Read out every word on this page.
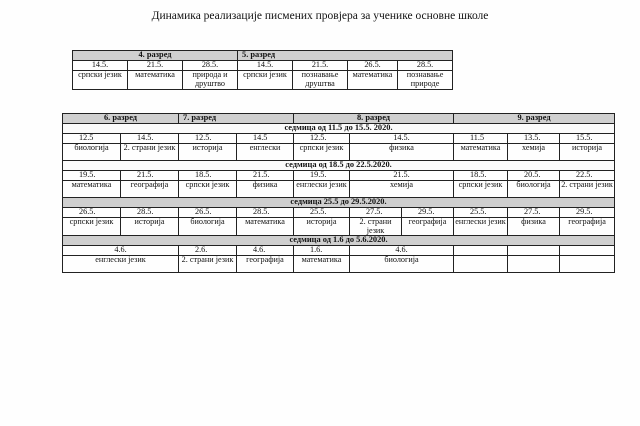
Динамика реализације писмених провјера за ученике основне школе
4. разред			5. разред			
14.5.	21.5.	28.5.	14.5.	21.5.	26.5.	28.5.
српски језик	математика	природа и друштво	српски језик	познавање друштва	математика	познавање природе
6. разред		7. разред		8. разред			9. разред		
седмица од 11.5 до 15.5. 2020.									
12.5	14.5.	12.5.	14.5	12.5.	14.5.		11.5	13.5.	15.5.
биологија	2. страни језик	историја	енглески	српски језик	физика		математика	хемија	историја
седмица од 18.5 до 22.5.2020.									
19.5.	21.5.	18.5.	21.5.	19.5.	21.5.		18.5.	20.5.	22.5.
математика	географија	српски језик	физика	енглески језик	хемија		српски језик	биологија	2. страни језик
седмица 25.5 до 29.5.2020.									
26.5.	28.5.	26.5.	28.5.	25.5.	27.5.	29.5.	25.5.	27.5.	29.5.
српски језик	историја	биологија	математика	историја	2. страни језик	географија	енглески језик	физика	географија
седмица од 1.6 до 5.6.2020.									
4.6.		2.6.	4.6.	1.6.	4.6.				
енглески језик		2. страни језик	географија	математика	биологија				
